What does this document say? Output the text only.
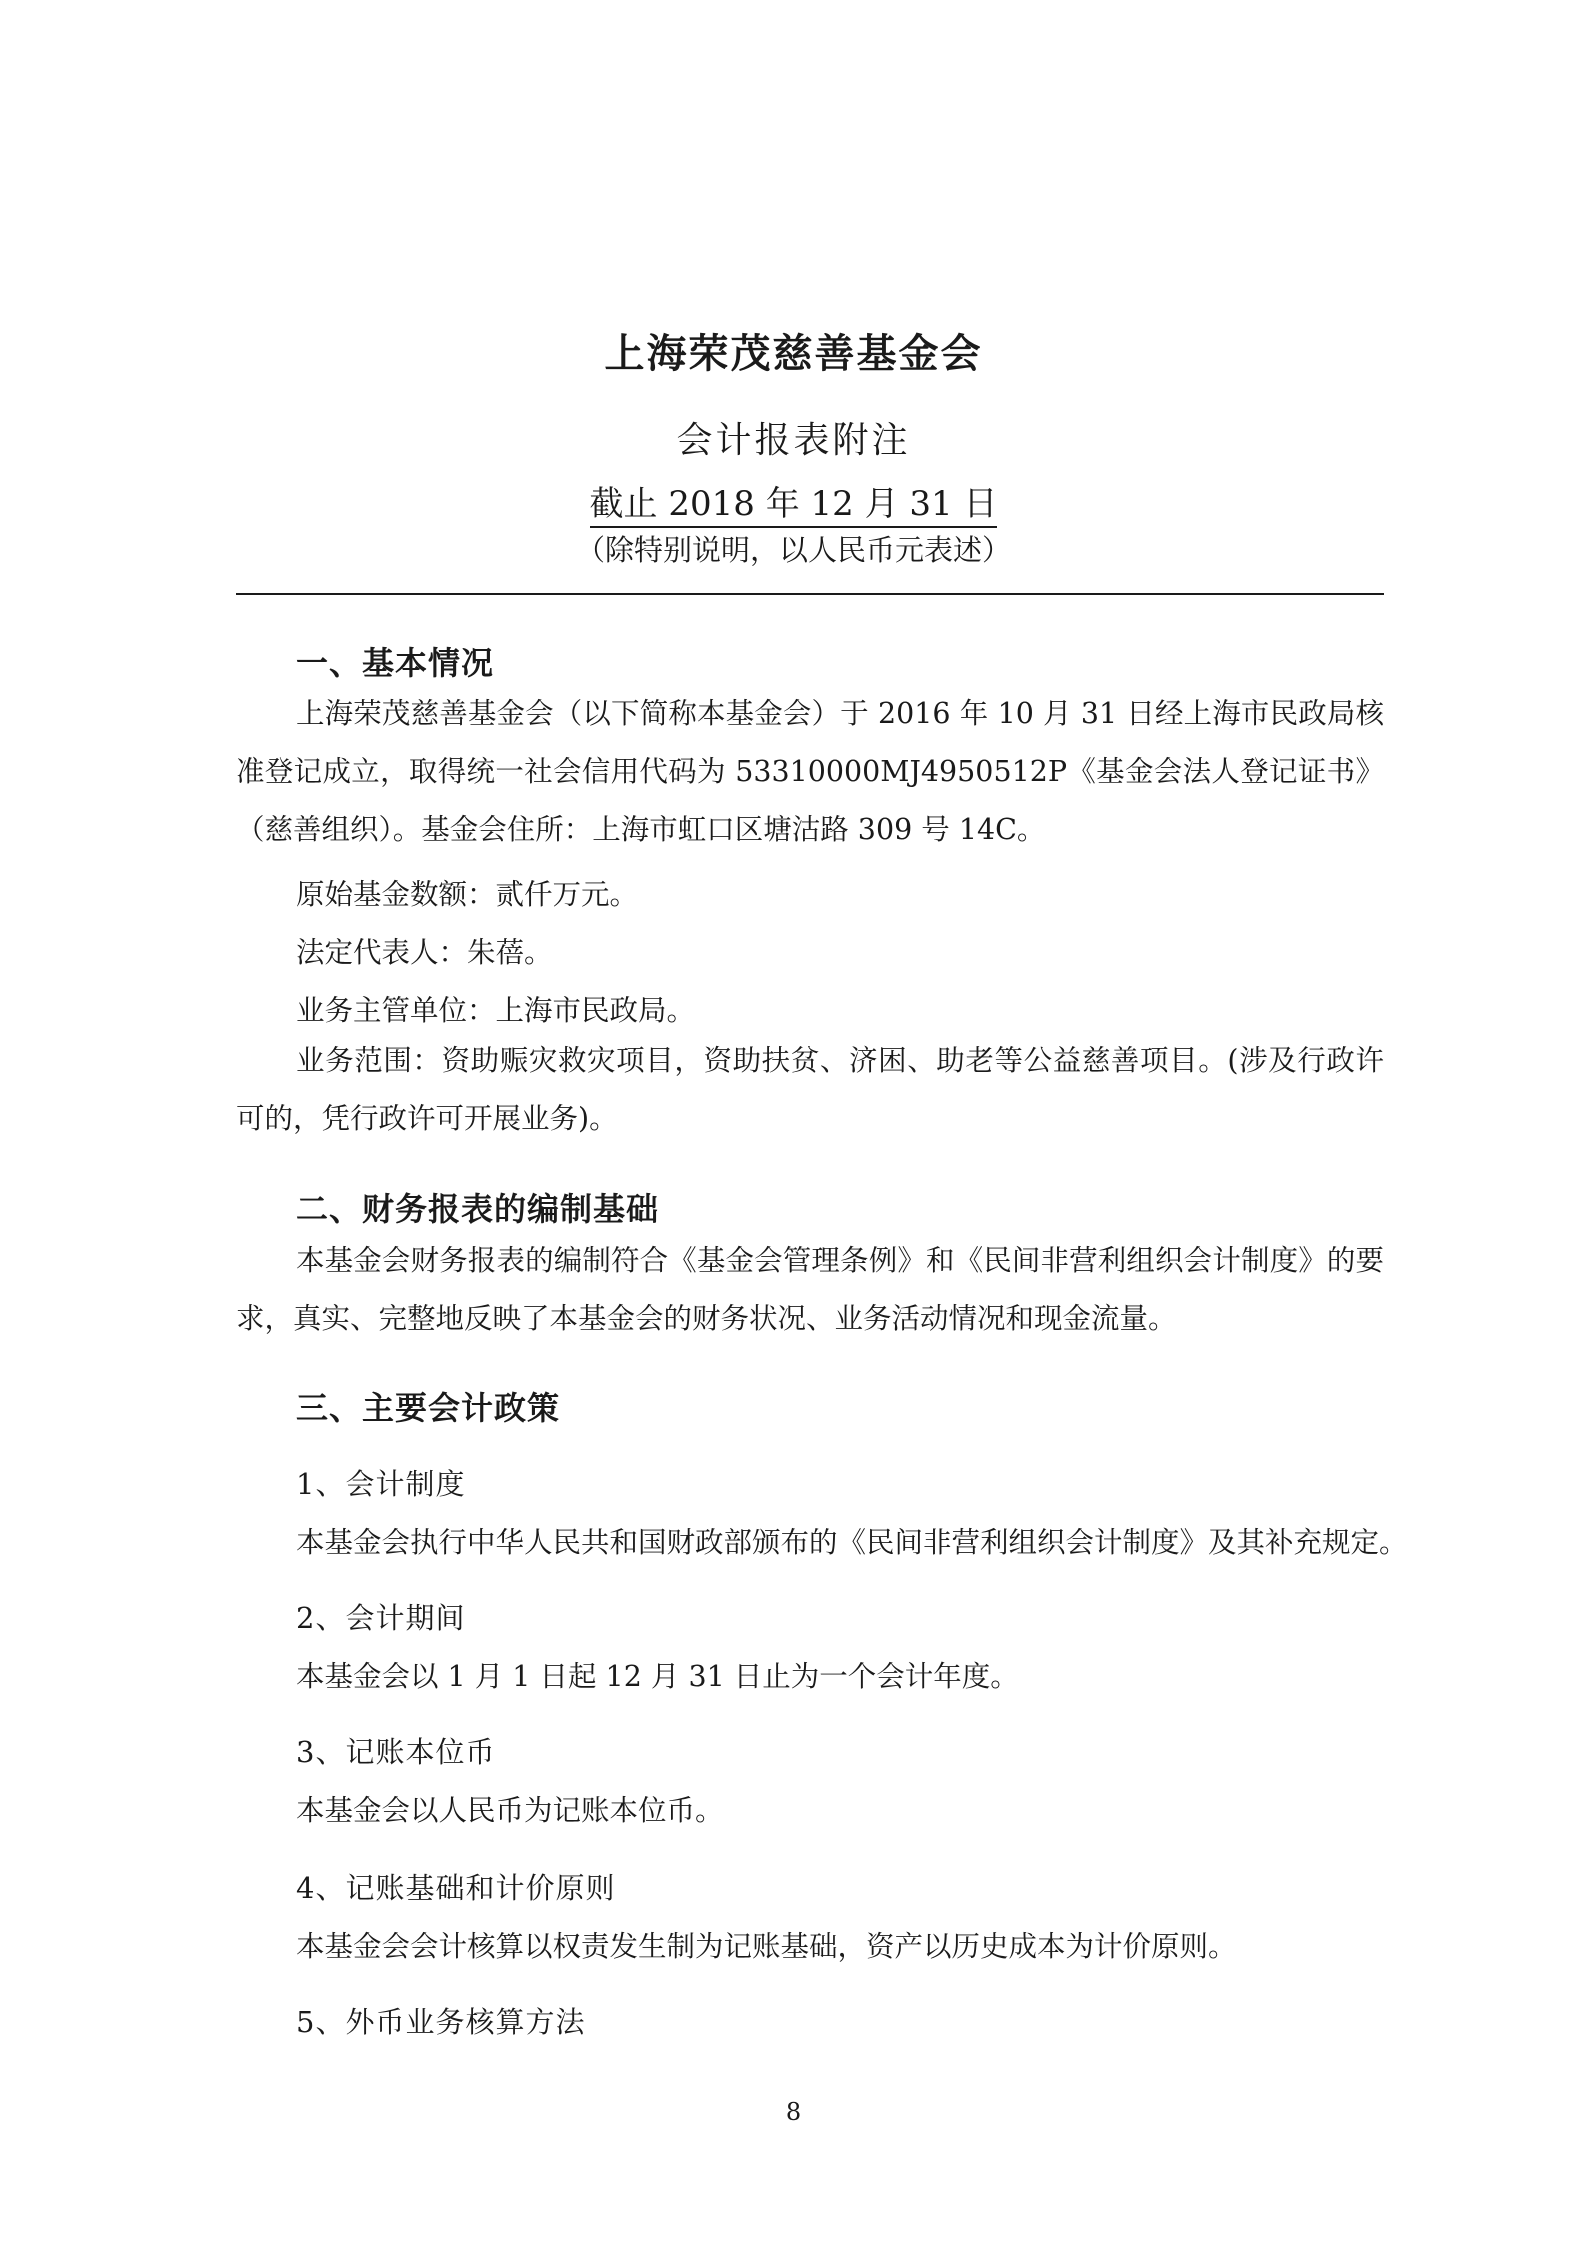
上海荣茂慈善基金会
会计报表附注
截止 2018 年 12 月 31 日
（除特别说明，以人民币元表述）
一、基本情况

上海荣茂慈善基金会（以下简称本基金会）于 2016 年 10 月 31 日经上海市民政局核准登记成立，取得统一社会信用代码为 53310000MJ4950512P《基金会法人登记证书》（慈善组织）。基金会住所：上海市虹口区塘沽路 309 号 14C。

原始基金数额：贰仟万元。
法定代表人：朱蓓。
业务主管单位：上海市民政局。

业务范围：资助赈灾救灾项目，资助扶贫、济困、助老等公益慈善项目。(涉及行政许可的，凭行政许可开展业务)。

二、财务报表的编制基础

本基金会财务报表的编制符合《基金会管理条例》和《民间非营利组织会计制度》的要求，真实、完整地反映了本基金会的财务状况、业务活动情况和现金流量。

三、主要会计政策
1、会计制度
本基金会执行中华人民共和国财政部颁布的《民间非营利组织会计制度》及其补充规定。
2、会计期间
本基金会以 1 月 1 日起 12 月 31 日止为一个会计年度。
3、记账本位币
本基金会以人民币为记账本位币。
4、记账基础和计价原则
本基金会会计核算以权责发生制为记账基础，资产以历史成本为计价原则。
5、外币业务核算方法
8
